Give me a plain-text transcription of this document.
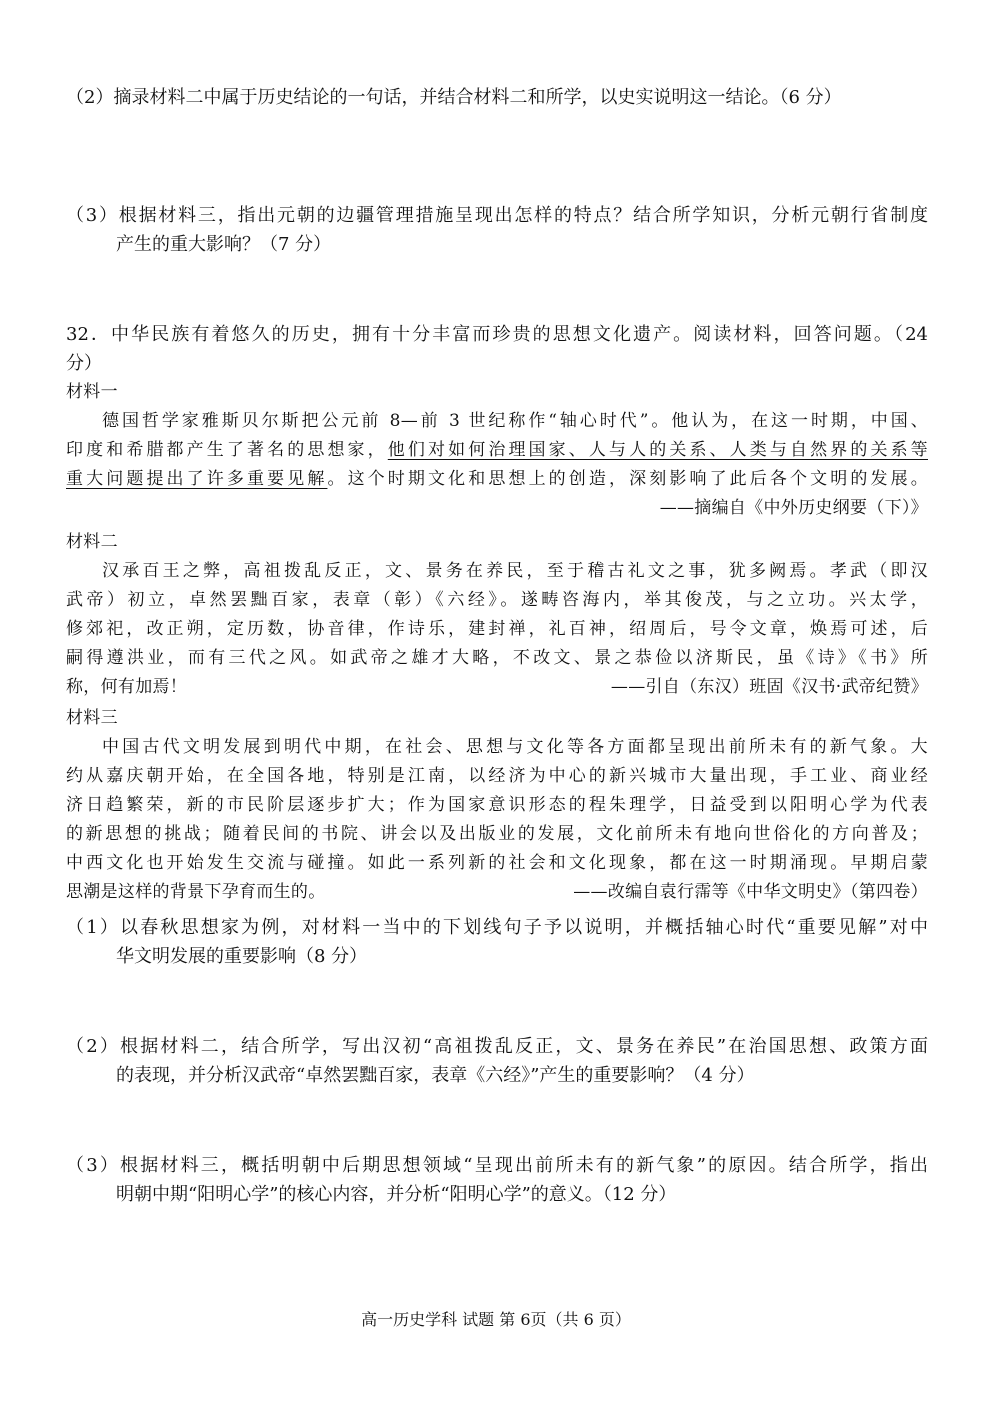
（2）摘录材料二中属于历史结论的一句话，并结合材料二和所学，以史实说明这一结论。（6 分）
（3）根据材料三，指出元朝的边疆管理措施呈现出怎样的特点？结合所学知识，分析元朝行省制度
产生的重大影响？（7 分）
32．中华民族有着悠久的历史，拥有十分丰富而珍贵的思想文化遗产。阅读材料，回答问题。（24
分）
材料一
德国哲学家雅斯贝尔斯把公元前 8—前 3 世纪称作“轴心时代”。他认为，在这一时期，中国、
印度和希腊都产生了著名的思想家，他们对如何治理国家、人与人的关系、人类与自然界的关系等
重大问题提出了许多重要见解。这个时期文化和思想上的创造，深刻影响了此后各个文明的发展。
——摘编自《中外历史纲要（下）》
材料二
汉承百王之弊，高祖拨乱反正，文、景务在养民，至于稽古礼文之事，犹多阙焉。孝武（即汉
武帝）初立，卓然罢黜百家，表章（彰）《六经》。遂畴咨海内，举其俊茂，与之立功。兴太学，
修郊祀，改正朔，定历数，协音律，作诗乐，建封禅，礼百神，绍周后，号令文章，焕焉可述，后
嗣得遵洪业，而有三代之风。如武帝之雄才大略，不改文、景之恭俭以济斯民，虽《诗》《书》所
称，何有加焉！	——引自（东汉）班固《汉书·武帝纪赞》
材料三
中国古代文明发展到明代中期，在社会、思想与文化等各方面都呈现出前所未有的新气象。大
约从嘉庆朝开始，在全国各地，特别是江南，以经济为中心的新兴城市大量出现，手工业、商业经
济日趋繁荣，新的市民阶层逐步扩大；作为国家意识形态的程朱理学，日益受到以阳明心学为代表
的新思想的挑战；随着民间的书院、讲会以及出版业的发展，文化前所未有地向世俗化的方向普及；
中西文化也开始发生交流与碰撞。如此一系列新的社会和文化现象，都在这一时期涌现。早期启蒙
思潮是这样的背景下孕育而生的。	——改编自袁行霈等《中华文明史》（第四卷）
（1）以春秋思想家为例，对材料一当中的下划线句子予以说明，并概括轴心时代“重要见解”对中
华文明发展的重要影响（8 分）
（2）根据材料二，结合所学，写出汉初“高祖拨乱反正，文、景务在养民”在治国思想、政策方面
的表现，并分析汉武帝“卓然罢黜百家，表章《六经》”产生的重要影响？（4 分）
（3）根据材料三，概括明朝中后期思想领域“呈现出前所未有的新气象”的原因。结合所学，指出
明朝中期“阳明心学”的核心内容，并分析“阳明心学”的意义。（12 分）
高一历史学科 试题 第 6页（共 6 页）
